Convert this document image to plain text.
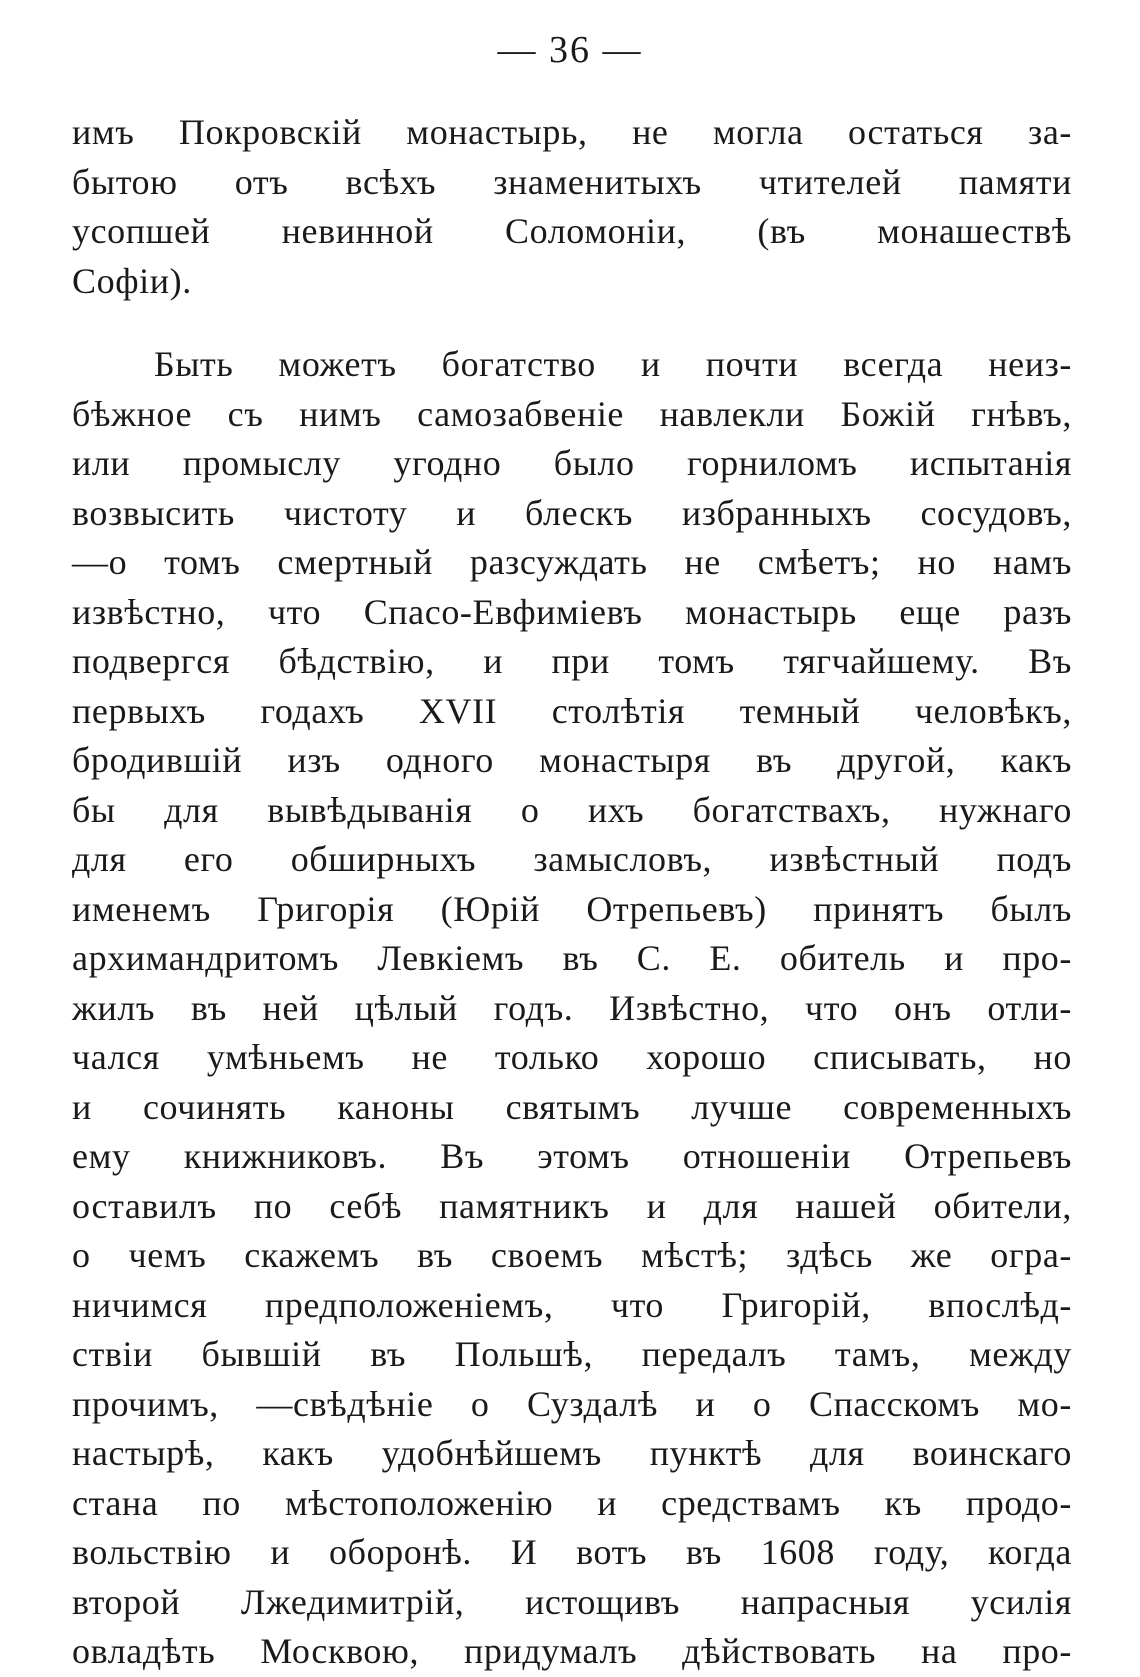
— 36 —
имъ Покровскій монастырь, не могла остаться за-
бытою отъ всѣхъ знаменитыхъ чтителей памяти
усопшей невинной Соломоніи, (въ монашествѣ
Софіи).
Быть можетъ богатство и почти всегда неиз-
бѣжное съ нимъ самозабвеніе навлекли Божій гнѣвъ,
или промыслу угодно было горниломъ испытанія
возвысить чистоту и блескъ избранныхъ сосудовъ,
—о томъ смертный разсуждать не смѣетъ; но намъ
извѣстно, что Спасо-Евфиміевъ монастырь еще разъ
подвергся бѣдствію, и при томъ тягчайшему. Въ
первыхъ годахъ XVII столѣтія темный человѣкъ,
бродившій изъ одного монастыря въ другой, какъ
бы для вывѣдыванія о ихъ богатствахъ, нужнаго
для его обширныхъ замысловъ, извѣстный подъ
именемъ Григорія (Юрій Отрепьевъ) принятъ былъ
архимандритомъ Левкіемъ въ С. Е. обитель и про-
жилъ въ ней цѣлый годъ. Извѣстно, что онъ отли-
чался умѣньемъ не только хорошо списывать, но
и сочинять каноны святымъ лучше современныхъ
ему книжниковъ. Въ этомъ отношеніи Отрепьевъ
оставилъ по себѣ памятникъ и для нашей обители,
о чемъ скажемъ въ своемъ мѣстѣ; здѣсь же огра-
ничимся предположеніемъ, что Григорій, впослѣд-
ствіи бывшій въ Польшѣ, передалъ тамъ, между
прочимъ, —свѣдѣніе о Суздалѣ и о Спасскомъ мо-
настырѣ, какъ удобнѣйшемъ пунктѣ для воинскаго
стана по мѣстоположенію и средствамъ къ продо-
вольствію и оборонѣ. И вотъ въ 1608 году, когда
второй Лжедимитрій, истощивъ напрасныя усилія
овладѣть Москвою, придумалъ дѣйствовать на про-
